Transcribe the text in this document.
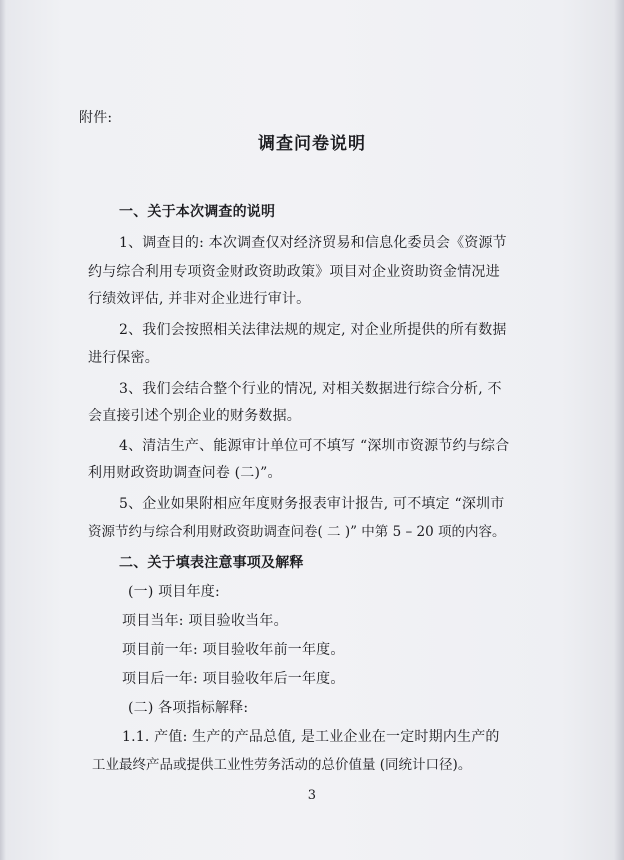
附件:
调查问卷说明
一、关于本次调查的说明
1、调查目的: 本次调查仅对经济贸易和信息化委员会《资源节
约与综合利用专项资金财政资助政策》项目对企业资助资金情况进
行绩效评估, 并非对企业进行审计。
2、我们会按照相关法律法规的规定, 对企业所提供的所有数据
进行保密。
3、我们会结合整个行业的情况, 对相关数据进行综合分析, 不
会直接引述个别企业的财务数据。
4、清洁生产、能源审计单位可不填写 “深圳市资源节约与综合
利用财政资助调查问卷 (二)”。
5、企业如果附相应年度财务报表审计报告, 可不填定 “深圳市
资源节约与综合利用财政资助调查问卷( 二 )” 中第 5 – 20 项的内容。
二、关于填表注意事项及解释
(一) 项目年度:
项目当年: 项目验收当年。
项目前一年: 项目验收年前一年度。
项目后一年: 项目验收年后一年度。
(二) 各项指标解释:
1.1. 产值: 生产的产品总值, 是工业企业在一定时期内生产的
工业最终产品或提供工业性劳务活动的总价值量 (同统计口径)。
3
